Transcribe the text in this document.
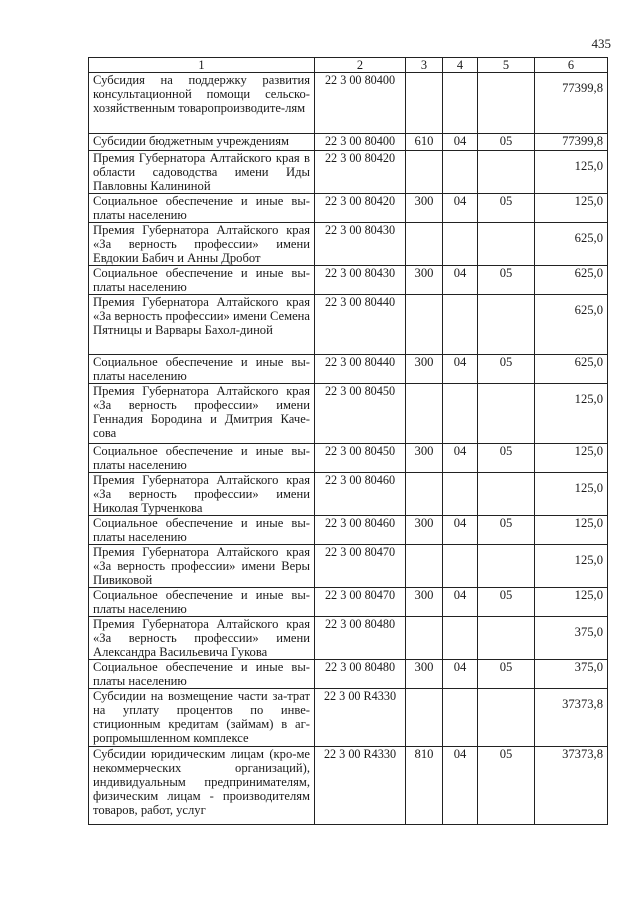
435
1	2	3	4	5	6
Субсидия на поддержку развития консультационной помощи сельско-хозяйственным товаропроизводите-лям	22 3 00 80400				77399,8
Субсидии бюджетным учреждениям	22 3 00 80400	610	04	05	77399,8
Премия Губернатора Алтайского края в области садоводства имени Иды Павловны Калининой	22 3 00 80420				125,0
Социальное обеспечение и иные вы-платы населению	22 3 00 80420	300	04	05	125,0
Премия Губернатора Алтайского края «За верность профессии» имени Евдокии Бабич и Анны Дробот	22 3 00 80430				625,0
Социальное обеспечение и иные вы-платы населению	22 3 00 80430	300	04	05	625,0
Премия Губернатора Алтайского края «За верность профессии» имени Семена Пятницы и Варвары Бахол-диной	22 3 00 80440				625,0
Социальное обеспечение и иные вы-платы населению	22 3 00 80440	300	04	05	625,0
Премия Губернатора Алтайского края «За верность профессии» имени Геннадия Бородина и Дмитрия Каче-сова	22 3 00 80450				125,0
Социальное обеспечение и иные вы-платы населению	22 3 00 80450	300	04	05	125,0
Премия Губернатора Алтайского края «За верность профессии» имени Николая Турченкова	22 3 00 80460				125,0
Социальное обеспечение и иные вы-платы населению	22 3 00 80460	300	04	05	125,0
Премия Губернатора Алтайского края «За верность профессии» имени Веры Пивиковой	22 3 00 80470				125,0
Социальное обеспечение и иные вы-платы населению	22 3 00 80470	300	04	05	125,0
Премия Губернатора Алтайского края «За верность профессии» имени Александра Васильевича Гукова	22 3 00 80480				375,0
Социальное обеспечение и иные вы-платы населению	22 3 00 80480	300	04	05	375,0
Субсидии на возмещение части за-трат на уплату процентов по инве-стиционным кредитам (займам) в аг-ропромышленном комплексе	22 3 00 R4330				37373,8
Субсидии юридическим лицам (кро-ме некоммерческих организаций), индивидуальным предпринимателям, физическим лицам - производителям товаров, работ, услуг	22 3 00 R4330	810	04	05	37373,8
